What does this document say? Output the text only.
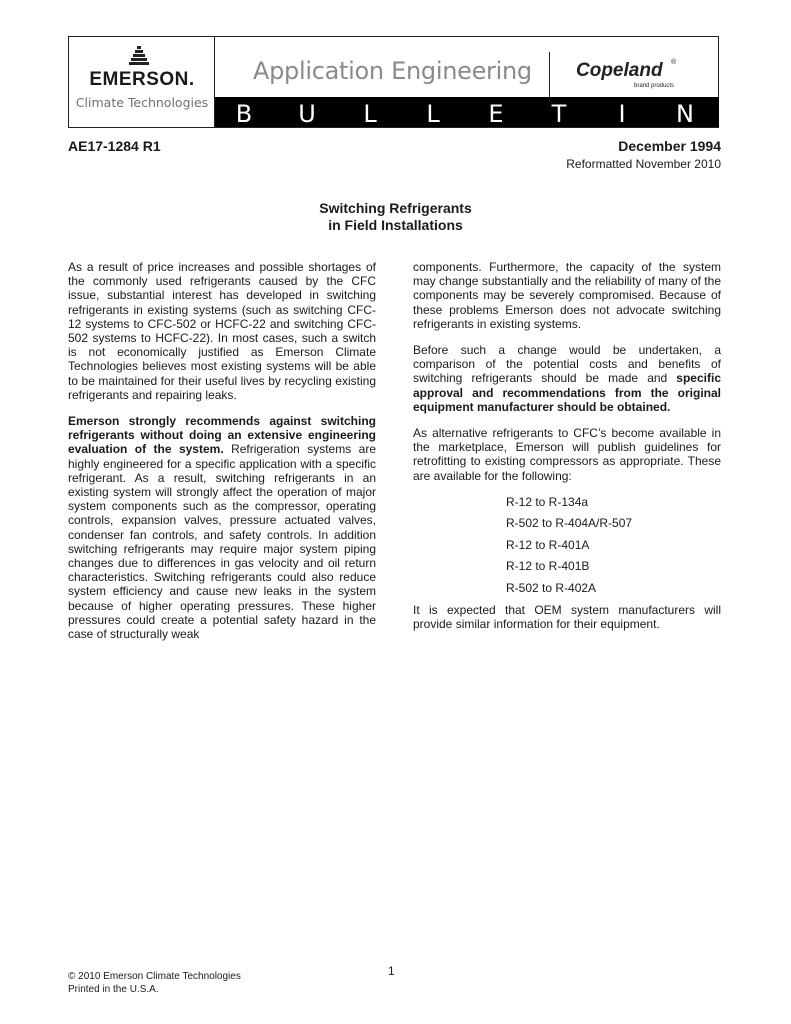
EMERSON.
Climate Technologies
Application Engineering Copeland ®
brand products
B U	L	L	E	T	I	N
AE17-1284 R1	December 1994
Reformatted November 2010
Switching Refrigerants
in Field Installations

As a result of price increases and possible shortages of the commonly used refrigerants caused by the CFC issue, substantial interest has developed in switching refrigerants in existing systems (such as switching CFC-12 systems to CFC-502 or HCFC-22 and switching CFC-502 systems to HCFC-22). In most cases, such a switch is not economically justified as Emerson Climate Technologies believes most existing systems will be able to be maintained for their useful lives by recycling existing refrigerants and repairing leaks.

Emerson strongly recommends against switching refrigerants without doing an extensive engineering evaluation of the system. Refrigeration systems are highly engineered for a specific application with a specific refrigerant. As a result, switching refrigerants in an existing system will strongly affect the operation of major system components such as the compressor, operating controls, expansion valves, pressure actuated valves, condenser fan controls, and safety controls. In addition switching refrigerants may require major system piping changes due to differences in gas velocity and oil return characteristics. Switching refrigerants could also reduce system efficiency and cause new leaks in the system because of higher operating pressures. These higher pressures could create a potential safety hazard in the case of structurally weak

components. Furthermore, the capacity of the system may change substantially and the reliability of many of the components may be severely compromised. Because of these problems Emerson does not advocate switching refrigerants in existing systems.

Before such a change would be undertaken, a comparison of the potential costs and benefits of switching refrigerants should be made and specific approval and recommendations from the original equipment manufacturer should be obtained.

As alternative refrigerants to CFC’s become available in the marketplace, Emerson will publish guidelines for retrofitting to existing compressors as appropriate. These are available for the following:

R-12 to R-134a
R-502 to R-404A/R-507
R-12 to R-401A
R-12 to R-401B
R-502 to R-402A

It is expected that OEM system manufacturers will provide similar information for their equipment.

1
© 2010 Emerson Climate Technologies
Printed in the U.S.A.
